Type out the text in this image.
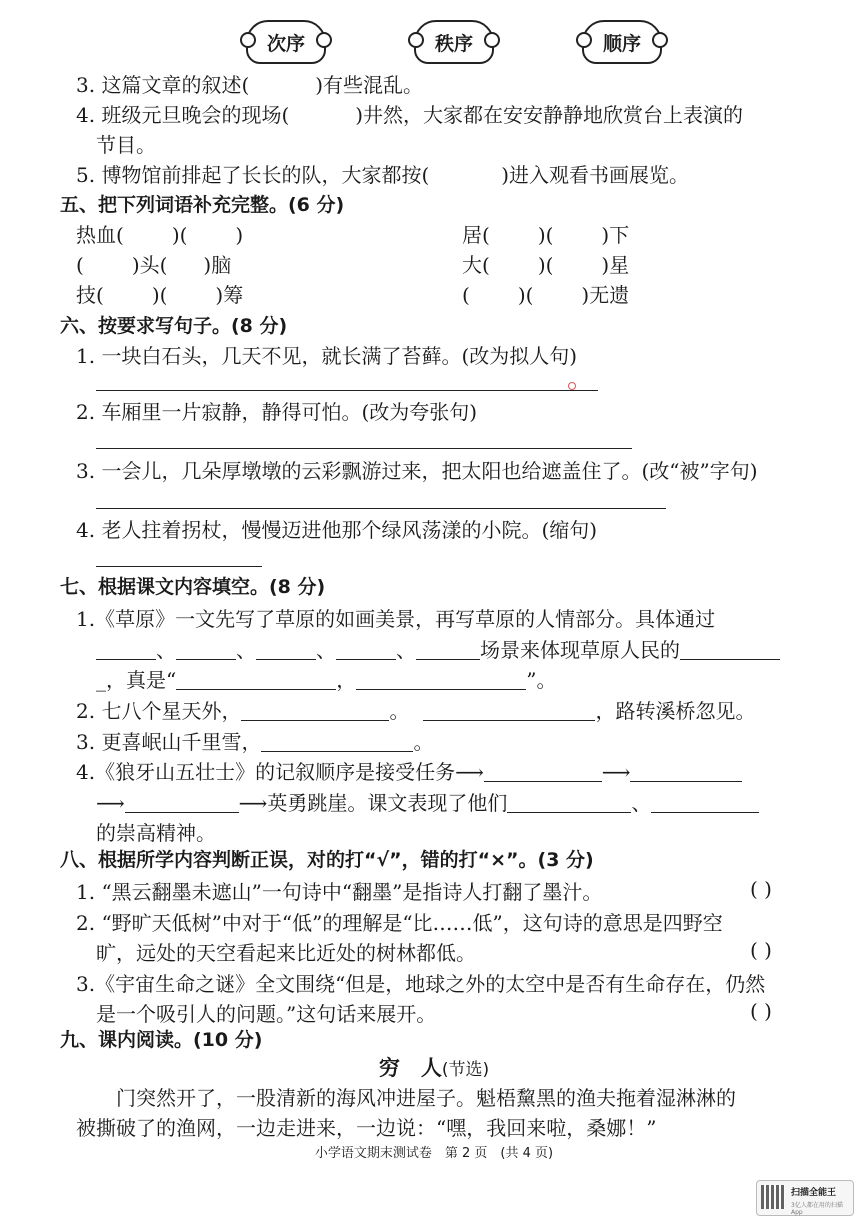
次序	秩序	顺序
3. 这篇文章的叙述(	)有些混乱。
4. 班级元旦晚会的现场(	)井然，大家都在安安静静地欣赏台上表演的
节目。
5. 博物馆前排起了长长的队，大家都按(	)进入观看书画展览。
五、把下列词语补充完整。(6 分)
热血( )( )	居( )( )下
( )头( )脑	大( )( )星
技( )( )筹	( )( )无遗
六、按要求写句子。(8 分)
1. 一块白石头，几天不见，就长满了苔藓。(改为拟人句)
2. 车厢里一片寂静，静得可怕。(改为夸张句)
3. 一会儿，几朵厚墩墩的云彩飘游过来，把太阳也给遮盖住了。(改“被”字句)
4. 老人拄着拐杖，慢慢迈进他那个绿风荡漾的小院。(缩句)
七、根据课文内容填空。(8 分)
1.《草原》一文先写了草原的如画美景，再写草原的人情部分。具体通过
、	、	、	、	场景来体现草原人民的
_，真是“	，	”。
2. 七八个星天外，	。	，路转溪桥忽见。
3. 更喜岷山千里雪，	。
4.《狼牙山五壮士》的记叙顺序是接受任务⟶	⟶
⟶	⟶英勇跳崖。课文表现了他们	、
的崇高精神。
八、根据所学内容判断正误，对的打“√”，错的打“×”。(3 分)
1. “黑云翻墨未遮山”一句诗中“翻墨”是指诗人打翻了墨汁。	( )
2. “野旷天低树”中对于“低”的理解是“比……低”，这句诗的意思是四野空
旷，远处的天空看起来比近处的树林都低。	( )
3.《宇宙生命之谜》全文围绕“但是，地球之外的太空中是否有生命存在，仍然
是一个吸引人的问题。”这句话来展开。	( )
九、课内阅读。(10 分)
穷　人(节选)
门突然开了，一股清新的海风冲进屋子。魁梧黧黑的渔夫拖着湿淋淋的
被撕破了的渔网，一边走进来，一边说：“嘿，我回来啦，桑娜！”
小学语文期末测试卷　第 2 页　(共 4 页)
扫描全能王
3亿人都在用的扫描App
